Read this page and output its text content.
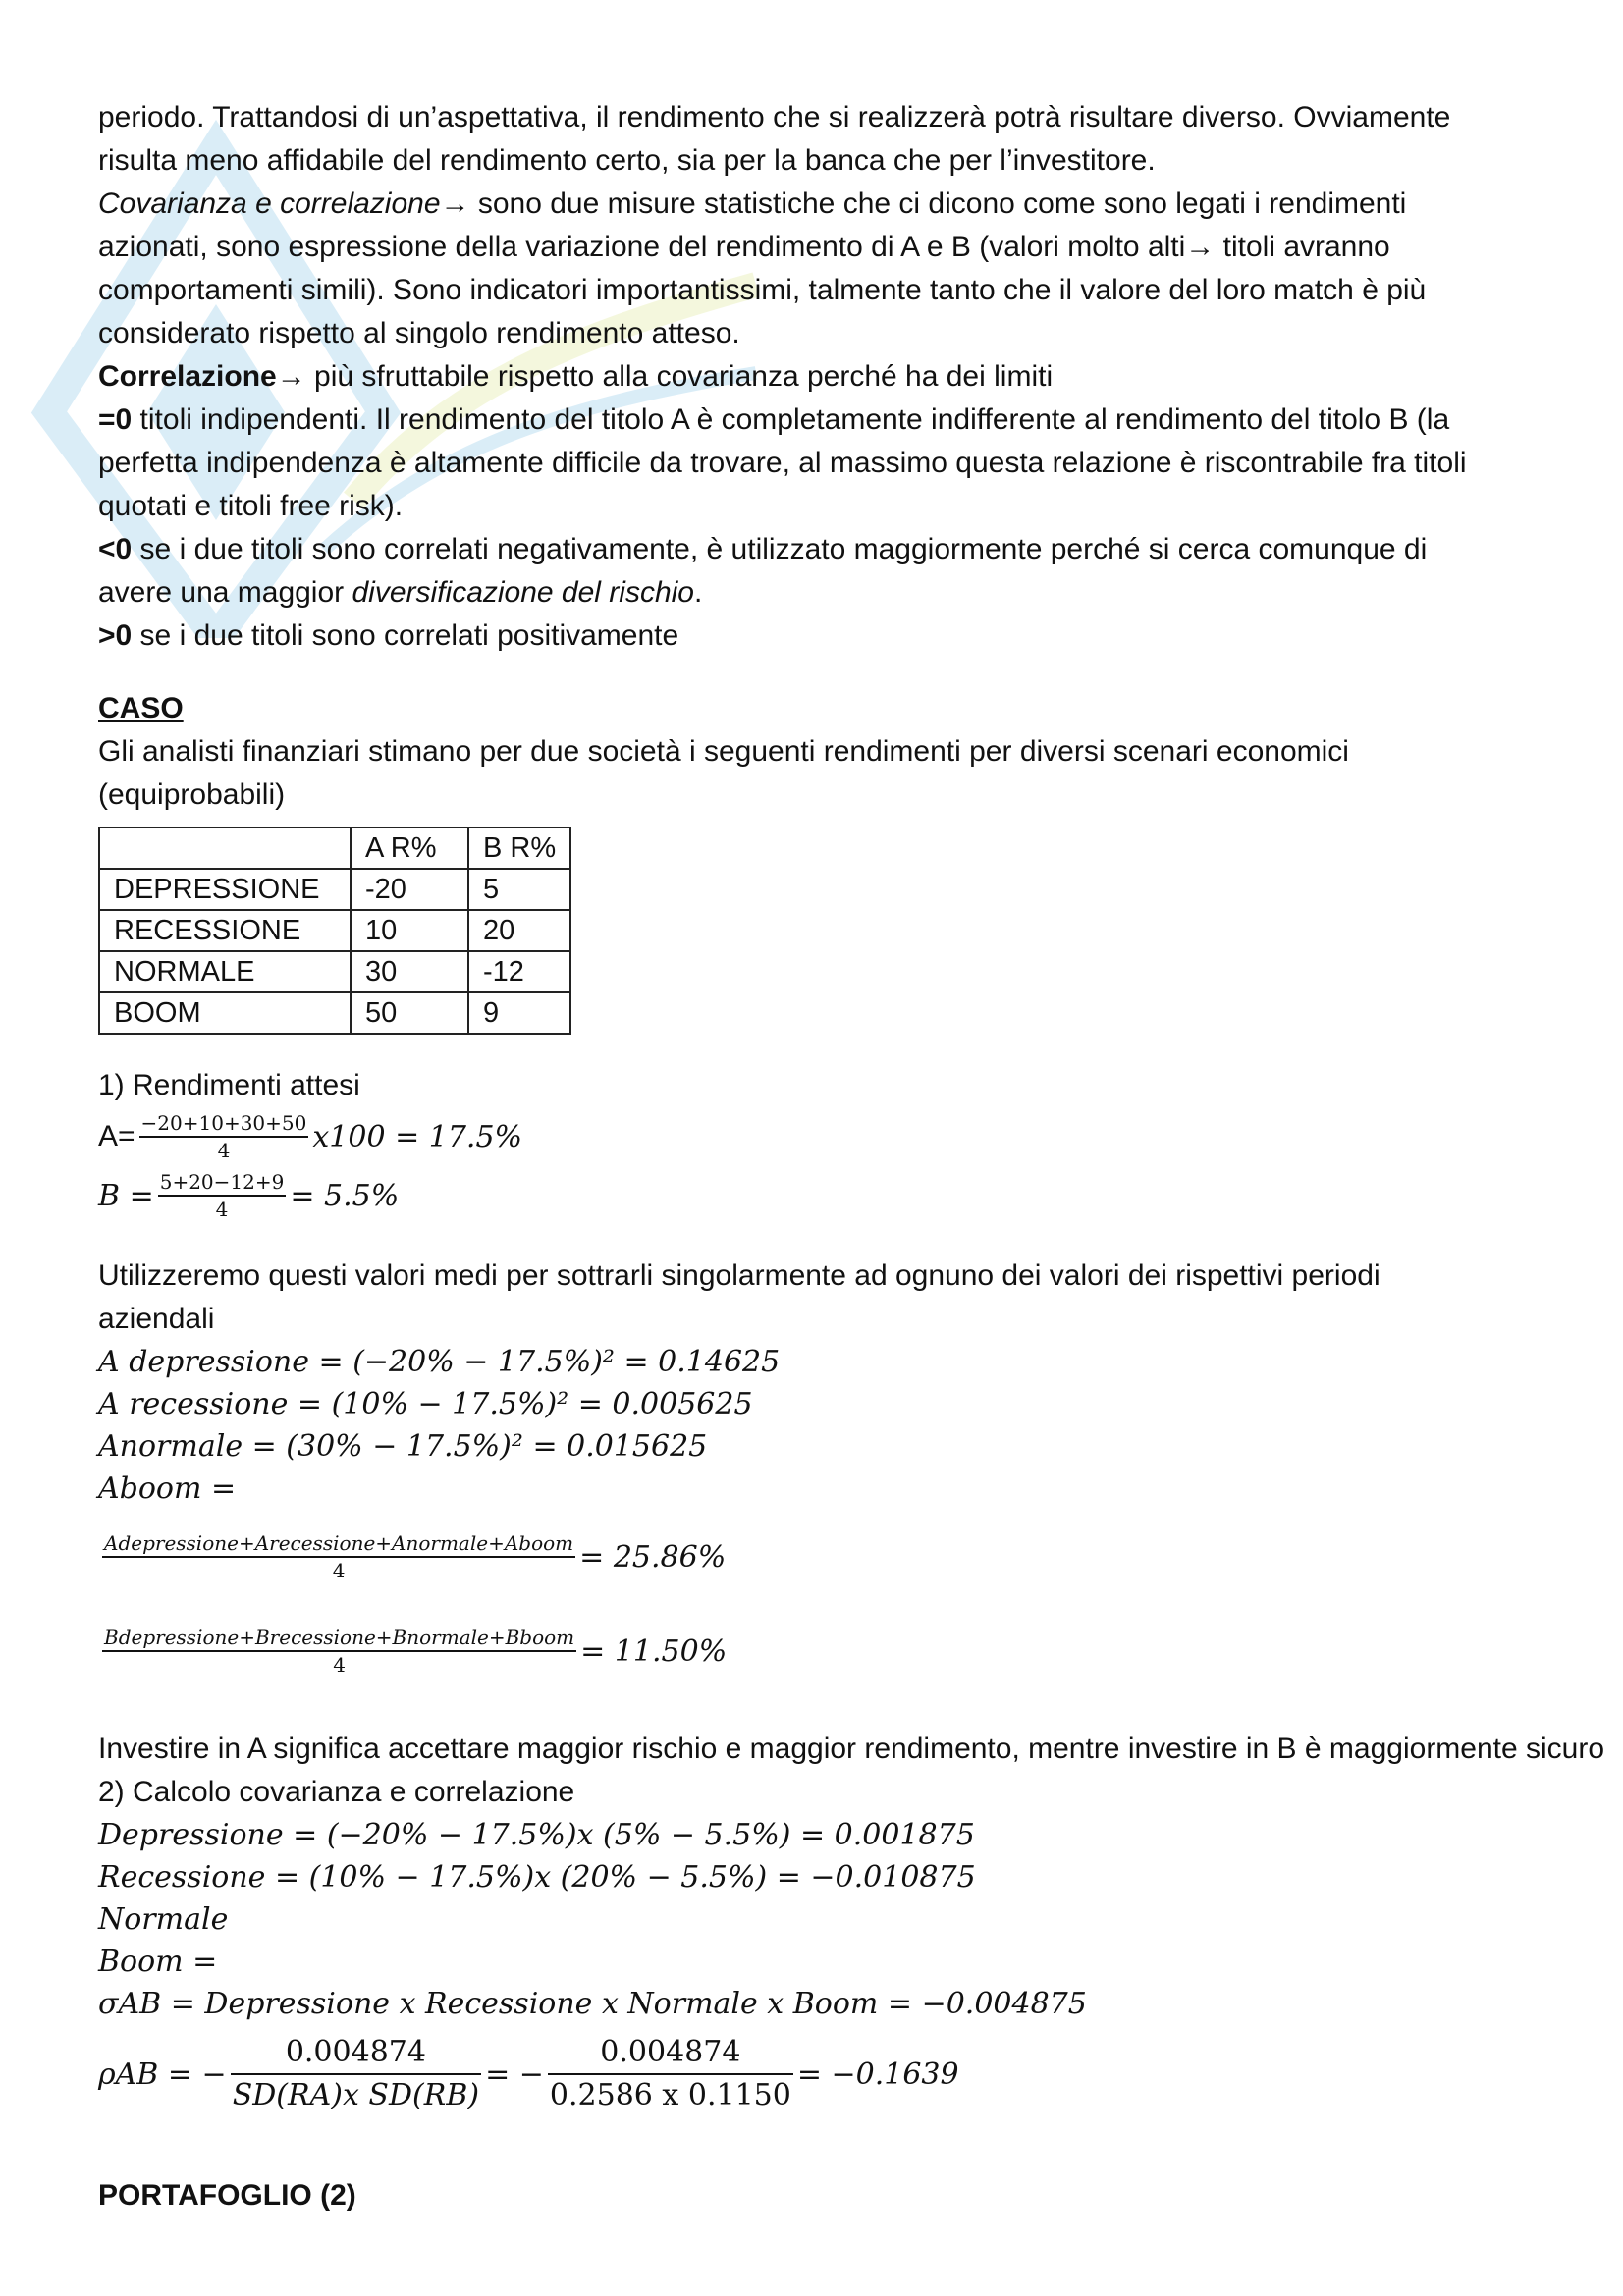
periodo. Trattandosi di un’aspettativa, il rendimento che si realizzerà potrà risultare diverso. Ovviamente

risulta meno affidabile del rendimento certo, sia per la banca che per l’investitore.

Covarianza e correlazione→ sono due misure statistiche che ci dicono come sono legati i rendimenti

azionati, sono espressione della variazione del rendimento di A e B (valori molto alti→ titoli avranno

comportamenti simili). Sono indicatori importantissimi, talmente tanto che il valore del loro match è più

considerato rispetto al singolo rendimento atteso.

Correlazione→ più sfruttabile rispetto alla covarianza perché ha dei limiti

=0 titoli indipendenti. Il rendimento del titolo A è completamente indifferente al rendimento del titolo B (la

perfetta indipendenza è altamente difficile da trovare, al massimo questa relazione è riscontrabile fra titoli

quotati e titoli free risk).

<0 se i due titoli sono correlati negativamente, è utilizzato maggiormente perché si cerca comunque di

avere una maggior diversificazione del rischio.

>0 se i due titoli sono correlati positivamente

CASO

Gli analisti finanziari stimano per due società i seguenti rendimenti per diversi scenari economici

(equiprobabili)

	A R%	B R%
DEPRESSIONE	-20	5
RECESSIONE	10	20
NORMALE	30	-12
BOOM	50	9

1) Rendimenti attesi

$A= \frac{-20+10+30+50}{4} x100 = 17.5\%$
$B = \frac{5+20-12+9}{4} = 5.5\%$

Utilizzeremo questi valori medi per sottrarli singolarmente ad ognuno dei valori dei rispettivi periodi

aziendali

A depressione = (−20% − 17.5%)² = 0.14625

A recessione = (10% − 17.5%)² = 0.005625

Anormale = (30% − 17.5%)² = 0.015625

Aboom =

$\frac{\text{Adepressione+Arecessione+Anormale+Aboom}}{4} = 25.86\%$
$\frac{\text{Bdepressione+Brecessione+Bnormale+Bboom}}{4} = 11.50\%$

Investire in A significa accettare maggior rischio e maggior rendimento, mentre investire in B è maggiormente sicuro

2) Calcolo covarianza e correlazione

Depressione = (−20% − 17.5%)x (5% − 5.5%) = 0.001875

Recessione = (10% − 17.5%)x (20% − 5.5%) = −0.010875

Normale

Boom =

σAB = Depressione x Recessione x Normale x Boom = −0.004875

ρAB = − $\frac{0.004874}{\text{SD(RA)x SD(RB)}}$ = − $\frac{0.004874}{0.2586 x 0.1150} = -0.1639$

PORTAFOGLIO (2)
